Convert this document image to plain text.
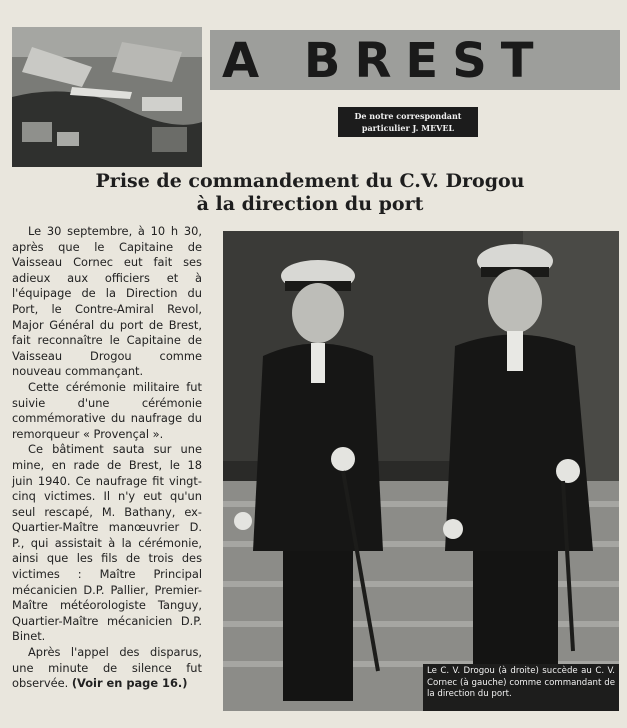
A BREST
De notre correspondant
particulier J. MEVEL
Prise de commandement du C.V. Drogou
à la direction du port

Le 30 septembre, à 10 h 30, après que le Capitaine de Vaisseau Cornec eut fait ses adieux aux officiers et à l'équipage de la Direction du Port, le Contre-Amiral Revol, Major Général du port de Brest, fait reconnaître le Capitaine de Vaisseau Drogou comme nouveau commançant.

Cette cérémonie militaire fut suivie d'une cérémonie commémorative du naufrage du remorqueur « Provençal ».

Ce bâtiment sauta sur une mine, en rade de Brest, le 18 juin 1940. Ce naufrage fit vingt-cinq victimes. Il n'y eut qu'un seul rescapé, M. Bathany, ex-Quartier-Maître manœuvrier D. P., qui assistait à la cérémonie, ainsi que les fils de trois des victimes : Maître Principal mécanicien D.P. Pallier, Premier-Maître météorologiste Tanguy, Quartier-Maître mécanicien D.P. Binet.

Après l'appel des disparus, une minute de silence fut observée. (Voir en page 16.)

Le C. V. Drogou (à droite) succède au C. V. Cornec (à gauche) comme commandant de la direction du port.
